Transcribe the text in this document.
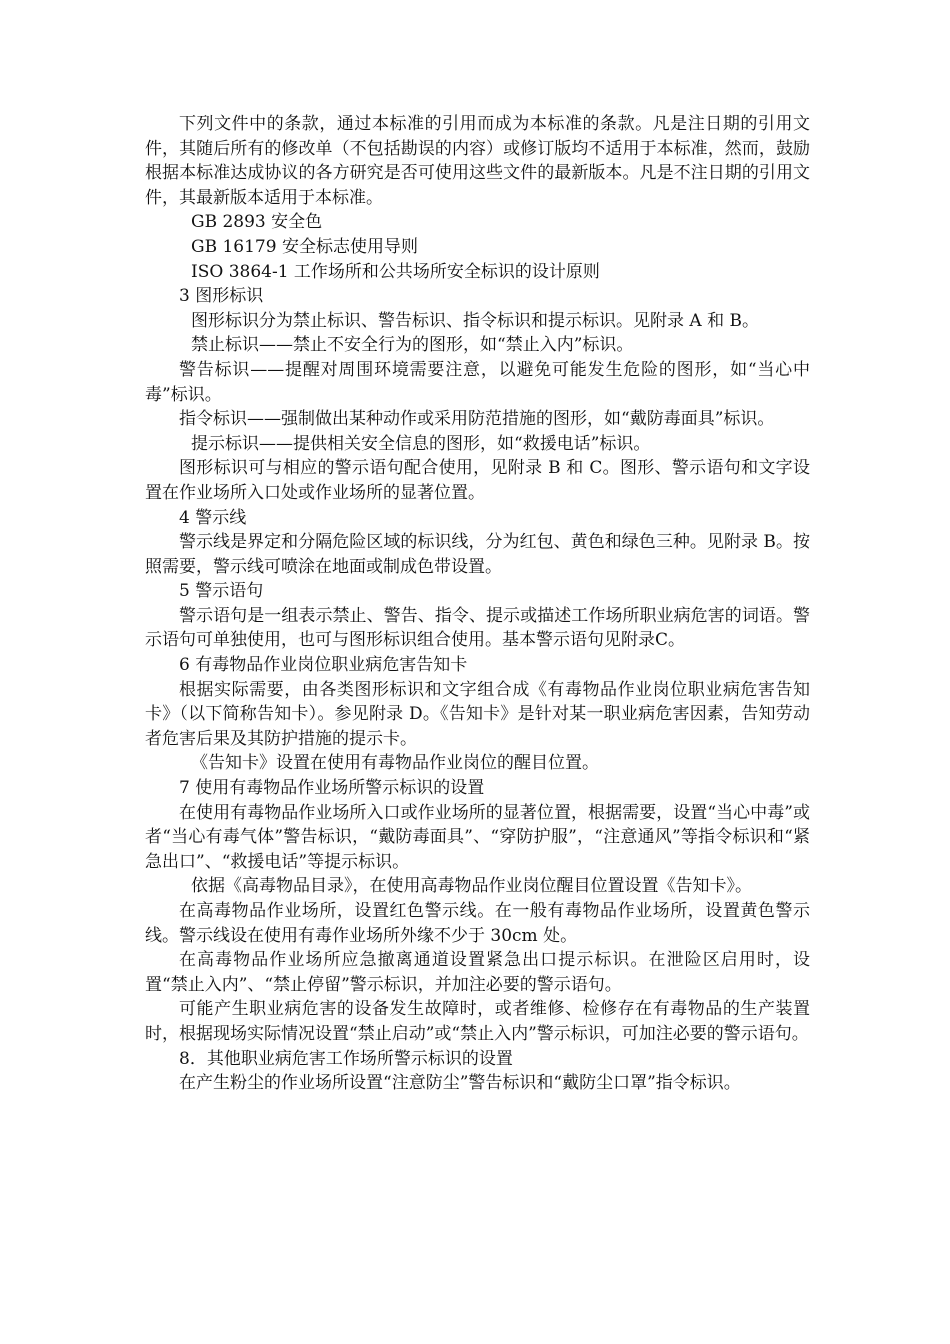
下列文件中的条款，通过本标准的引用而成为本标准的条款。凡是注日期的引用文件，其随后所有的修改单（不包括勘误的内容）或修订版均不适用于本标准，然而，鼓励根据本标准达成协议的各方研究是否可使用这些文件的最新版本。凡是不注日期的引用文件，其最新版本适用于本标准。

GB 2893 安全色

GB 16179 安全标志使用导则

ISO 3864-1 工作场所和公共场所安全标识的设计原则

3 图形标识

图形标识分为禁止标识、警告标识、指令标识和提示标识。见附录 A 和 B。

禁止标识——禁止不安全行为的图形，如“禁止入内”标识。

警告标识——提醒对周围环境需要注意，以避免可能发生危险的图形，如“当心中毒”标识。

指令标识——强制做出某种动作或采用防范措施的图形，如“戴防毒面具”标识。

提示标识——提供相关安全信息的图形，如“救援电话”标识。

图形标识可与相应的警示语句配合使用，见附录 B 和 C。图形、警示语句和文字设置在作业场所入口处或作业场所的显著位置。

4 警示线

警示线是界定和分隔危险区域的标识线，分为红包、黄色和绿色三种。见附录 B。按照需要，警示线可喷涂在地面或制成色带设置。

5 警示语句

警示语句是一组表示禁止、警告、指令、提示或描述工作场所职业病危害的词语。警示语句可单独使用，也可与图形标识组合使用。基本警示语句见附录C。

6 有毒物品作业岗位职业病危害告知卡

根据实际需要，由各类图形标识和文字组合成《有毒物品作业岗位职业病危害告知卡》（以下简称告知卡）。参见附录 D。《告知卡》是针对某一职业病危害因素，告知劳动者危害后果及其防护措施的提示卡。

《告知卡》设置在使用有毒物品作业岗位的醒目位置。

7 使用有毒物品作业场所警示标识的设置

在使用有毒物品作业场所入口或作业场所的显著位置，根据需要，设置“当心中毒”或者“当心有毒气体”警告标识，“戴防毒面具”、“穿防护服”，“注意通风”等指令标识和“紧急出口”、“救援电话”等提示标识。

依据《高毒物品目录》，在使用高毒物品作业岗位醒目位置设置《告知卡》。

在高毒物品作业场所，设置红色警示线。在一般有毒物品作业场所，设置黄色警示线。警示线设在使用有毒作业场所外缘不少于 30cm 处。

在高毒物品作业场所应急撤离通道设置紧急出口提示标识。在泄险区启用时，设置“禁止入内”、“禁止停留”警示标识，并加注必要的警示语句。

可能产生职业病危害的设备发生故障时，或者维修、检修存在有毒物品的生产装置时，根据现场实际情况设置“禁止启动”或“禁止入内”警示标识，可加注必要的警示语句。

8．其他职业病危害工作场所警示标识的设置

在产生粉尘的作业场所设置“注意防尘”警告标识和“戴防尘口罩”指令标识。
